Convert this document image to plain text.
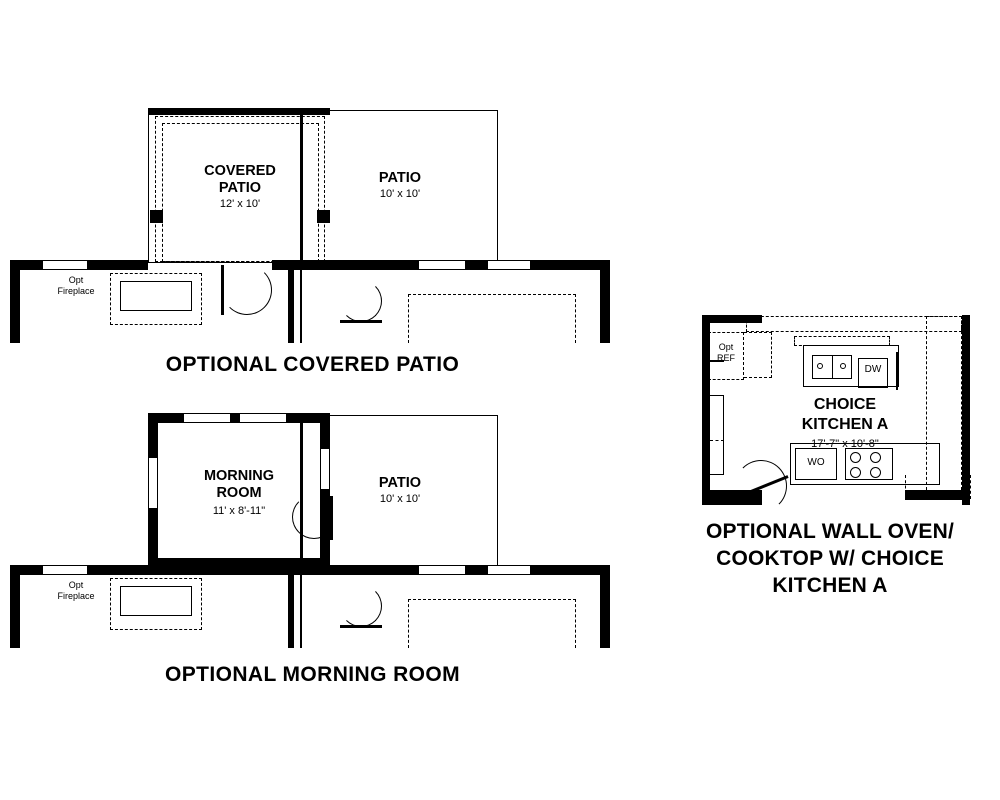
COVERED
PATIO
12' x 10'
PATIO
10' x 10'
Opt
Fireplace
OPTIONAL COVERED PATIO
MORNING
ROOM
11' x 8'-11"
PATIO
10' x 10'
Opt
Fireplace
OPTIONAL MORNING ROOM
Opt
REF
DW
WO
CHOICE
KITCHEN A
17'-7" x 10'-8"
OPTIONAL WALL OVEN/
COOKTOP W/ CHOICE
KITCHEN A
